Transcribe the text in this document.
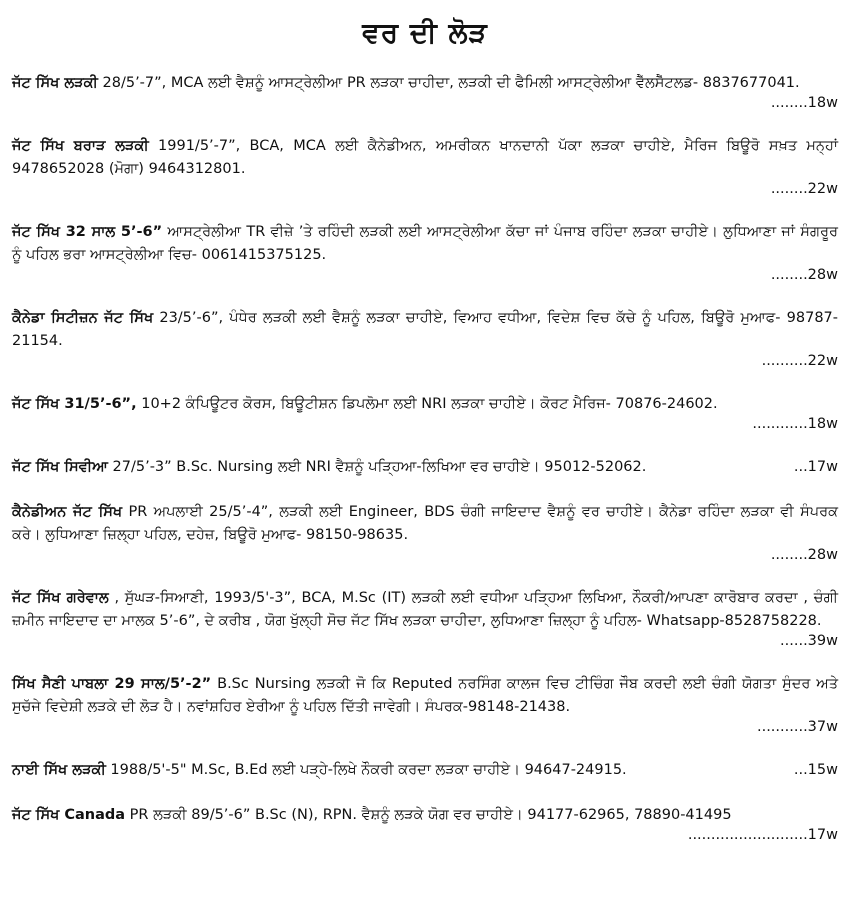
ਵਰ ਦੀ ਲੋੜ
ਜੱਟ ਸਿੱਖ ਲੜਕੀ 28/5’-7”, MCA ਲਈ ਵੈਸ਼ਨੂੰ ਆਸਟ੍ਰੇਲੀਆ PR ਲੜਕਾ ਚਾਹੀਦਾ, ਲੜਕੀ ਦੀ ਫੈਮਿਲੀ ਆਸਟ੍ਰੇਲੀਆ ਵੈੱਲਸੈੱਟਲਡ- 8837677041.
........18w
ਜੱਟ ਸਿੱਖ ਬਰਾੜ ਲੜਕੀ 1991/5’-7”, BCA, MCA ਲਈ ਕੈਨੇਡੀਅਨ, ਅਮਰੀਕਨ ਖਾਨਦਾਨੀ ਪੱਕਾ ਲੜਕਾ ਚਾਹੀਏ, ਮੈਰਿਜ ਬਿਊਰੋ ਸਖ਼ਤ ਮਨ੍ਹਾਂ 9478652028 (ਮੋਗਾ) 9464312801.
........22w
ਜੱਟ ਸਿੱਖ 32 ਸਾਲ 5’-6” ਆਸਟ੍ਰੇਲੀਆ TR ਵੀਜ਼ੇ ’ਤੇ ਰਹਿੰਦੀ ਲੜਕੀ ਲਈ ਆਸਟ੍ਰੇਲੀਆ ਕੱਚਾ ਜਾਂ ਪੰਜਾਬ ਰਹਿੰਦਾ ਲੜਕਾ ਚਾਹੀਏ। ਲੁਧਿਆਣਾ ਜਾਂ ਸੰਗਰੂਰ ਨੂੰ ਪਹਿਲ ਭਰਾ ਆਸਟ੍ਰੇਲੀਆ ਵਿਚ- 0061415375125.
........28w
ਕੈਨੇਡਾ ਸਿਟੀਜ਼ਨ ਜੱਟ ਸਿੱਖ 23/5’-6”, ਪੰਧੇਰ ਲੜਕੀ ਲਈ ਵੈਸ਼ਨੂੰ ਲੜਕਾ ਚਾਹੀਏ, ਵਿਆਹ ਵਧੀਆ, ਵਿਦੇਸ਼ ਵਿਚ ਕੱਚੇ ਨੂੰ ਪਹਿਲ, ਬਿਊਰੋ ਮੁਆਫ- 98787-21154.
..........22w
ਜੱਟ ਸਿੱਖ 31/5’-6”, 10+2 ਕੰਪਿਊਟਰ ਕੋਰਸ, ਬਿਊਟੀਸ਼ਨ ਡਿਪਲੋਮਾ ਲਈ NRI ਲੜਕਾ ਚਾਹੀਏ। ਕੋਰਟ ਮੈਰਿਜ- 70876-24602.
............18w
...17w
ਜੱਟ ਸਿੱਖ ਸਿਵੀਆ 27/5’-3” B.Sc. Nursing ਲਈ NRI ਵੈਸ਼ਨੂੰ ਪੜ੍ਹਿਆ-ਲਿਖਿਆ ਵਰ ਚਾਹੀਏ। 95012-52062.
ਕੈਨੇਡੀਅਨ ਜੱਟ ਸਿੱਖ PR ਅਪਲਾਈ 25/5’-4”, ਲੜਕੀ ਲਈ Engineer, BDS ਚੰਗੀ ਜਾਇਦਾਦ ਵੈਸ਼ਨੂੰ ਵਰ ਚਾਹੀਏ। ਕੈਨੇਡਾ ਰਹਿੰਦਾ ਲੜਕਾ ਵੀ ਸੰਪਰਕ ਕਰੇ। ਲੁਧਿਆਣਾ ਜ਼ਿਲ੍ਹਾ ਪਹਿਲ, ਦਹੇਜ਼, ਬਿਊਰੋ ਮੁਆਫ- 98150-98635.
........28w
ਜੱਟ ਸਿੱਖ ਗਰੇਵਾਲ , ਸੁੱਘੜ-ਸਿਆਣੀ, 1993/5'-3”, BCA, M.Sc (IT) ਲੜਕੀ ਲਈ ਵਧੀਆ ਪੜ੍ਹਿਆ ਲਿਖਿਆ, ਨੌਕਰੀ/ਆਪਣਾ ਕਾਰੋਬਾਰ ਕਰਦਾ , ਚੰਗੀ ਜ਼ਮੀਨ ਜਾਇਦਾਦ ਦਾ ਮਾਲਕ 5’-6”, ਦੇ ਕਰੀਬ , ਯੋਗ ਖੁੱਲ੍ਹੀ ਸੋਚ ਜੱਟ ਸਿੱਖ ਲੜਕਾ ਚਾਹੀਦਾ, ਲੁਧਿਆਣਾ ਜ਼ਿਲ੍ਹਾ ਨੂੰ ਪਹਿਲ- Whatsapp-8528758228.
......39w
ਸਿੱਖ ਸੈਣੀ ਪਾਬਲਾ 29 ਸਾਲ/5’-2” B.Sc Nursing ਲੜਕੀ ਜੋ ਕਿ Reputed ਨਰਸਿੰਗ ਕਾਲਜ ਵਿਚ ਟੀਚਿੰਗ ਜੌਬ ਕਰਦੀ ਲਈ ਚੰਗੀ ਯੋਗਤਾ ਸੁੰਦਰ ਅਤੇ ਸੁਚੱਜੇ ਵਿਦੇਸ਼ੀ ਲੜਕੇ ਦੀ ਲੋੜ ਹੈ। ਨਵਾਂਸ਼ਹਿਰ ਏਰੀਆ ਨੂੰ ਪਹਿਲ ਦਿੱਤੀ ਜਾਵੇਗੀ। ਸੰਪਰਕ-98148-21438.
...........37w
...15w
ਨਾਈ ਸਿੱਖ ਲੜਕੀ 1988/5'-5" M.Sc, B.Ed ਲਈ ਪੜ੍ਹੇ-ਲਿਖੇ ਨੌਕਰੀ ਕਰਦਾ ਲੜਕਾ ਚਾਹੀਏ। 94647-24915.
ਜੱਟ ਸਿੱਖ Canada PR ਲੜਕੀ 89/5’-6” B.Sc (N), RPN. ਵੈਸ਼ਨੂੰ ਲੜਕੇ ਯੋਗ ਵਰ ਚਾਹੀਏ। 94177-62965, 78890-41495
..........................17w
